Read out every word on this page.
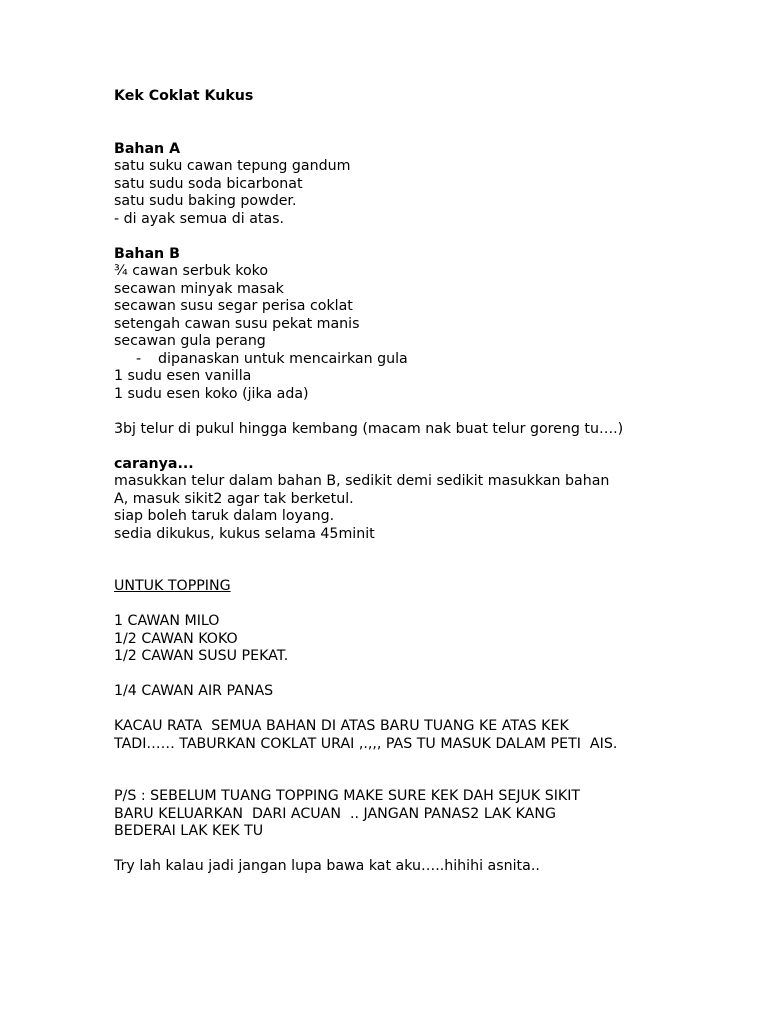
Kek Coklat Kukus
Bahan A
satu suku cawan tepung gandum
satu sudu soda bicarbonat
satu sudu baking powder.
- di ayak semua di atas.
Bahan B
¾ cawan serbuk koko
secawan minyak masak
secawan susu segar perisa coklat
setengah cawan susu pekat manis
secawan gula perang
- dipanaskan untuk mencairkan gula
1 sudu esen vanilla
1 sudu esen koko (jika ada)
3bj telur di pukul hingga kembang (macam nak buat telur goreng tu….)
caranya...
masukkan telur dalam bahan B, sedikit demi sedikit masukkan bahan
A, masuk sikit2 agar tak berketul.
siap boleh taruk dalam loyang.
sedia dikukus, kukus selama 45minit
UNTUK TOPPING
1 CAWAN MILO
1/2 CAWAN KOKO
1/2 CAWAN SUSU PEKAT.
1/4 CAWAN AIR PANAS
KACAU RATA  SEMUA BAHAN DI ATAS BARU TUANG KE ATAS KEK
TADI…… TABURKAN COKLAT URAI ,.,,, PAS TU MASUK DALAM PETI  AIS.
P/S : SEBELUM TUANG TOPPING MAKE SURE KEK DAH SEJUK SIKIT
BARU KELUARKAN  DARI ACUAN  .. JANGAN PANAS2 LAK KANG
BEDERAI LAK KEK TU
Try lah kalau jadi jangan lupa bawa kat aku…..hihihi asnita..
